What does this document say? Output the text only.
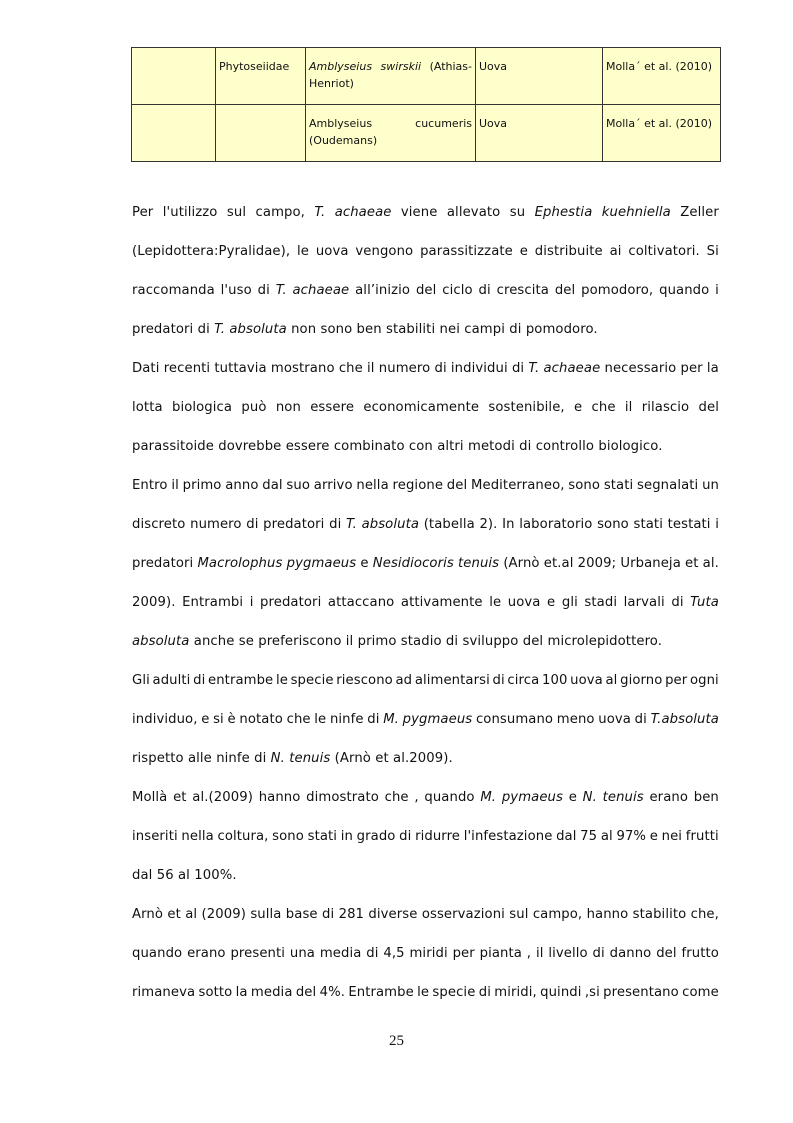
	Phytoseiidae	Amblyseius swirskii (Athias-Henriot)	Uova	Molla´ et al. (2010)

		Amblyseius cucumeris (Oudemans)	Uova	Molla´ et al. (2010)
Per l'utilizzo sul campo, T. achaeae viene allevato su Ephestia kuehniella Zeller
(Lepidottera:Pyralidae), le uova vengono parassitizzate e distribuite ai coltivatori. Si
raccomanda l'uso di T. achaeae all’inizio del ciclo di crescita del pomodoro, quando i
predatori di T. absoluta non sono ben stabiliti nei campi di pomodoro.
Dati recenti tuttavia mostrano che il numero di individui di T. achaeae necessario per la
lotta biologica può non essere economicamente sostenibile, e che il rilascio del
parassitoide dovrebbe essere combinato con altri metodi di controllo biologico.
Entro il primo anno dal suo arrivo nella regione del Mediterraneo, sono stati segnalati un
discreto numero di predatori di T. absoluta (tabella 2). In laboratorio sono stati testati i
predatori Macrolophus pygmaeus e Nesidiocoris tenuis (Arnò et.al 2009; Urbaneja et al.
2009). Entrambi i predatori attaccano attivamente le uova e gli stadi larvali di Tuta
absoluta anche se preferiscono il primo stadio di sviluppo del microlepidottero.
Gli adulti di entrambe le specie riescono ad alimentarsi di circa 100 uova al giorno per ogni
individuo, e si è notato che le ninfe di M. pygmaeus consumano meno uova di T.absoluta
rispetto alle ninfe di N. tenuis (Arnò et al.2009).
Mollà et al.(2009) hanno dimostrato che , quando M. pymaeus e N. tenuis erano ben
inseriti nella coltura, sono stati in grado di ridurre l'infestazione dal 75 al 97% e nei frutti
dal 56 al 100%.
Arnò et al (2009) sulla base di 281 diverse osservazioni sul campo, hanno stabilito che,
quando erano presenti una media di 4,5 miridi per pianta , il livello di danno del frutto
rimaneva sotto la media del 4%. Entrambe le specie di miridi, quindi ,si presentano come
25
